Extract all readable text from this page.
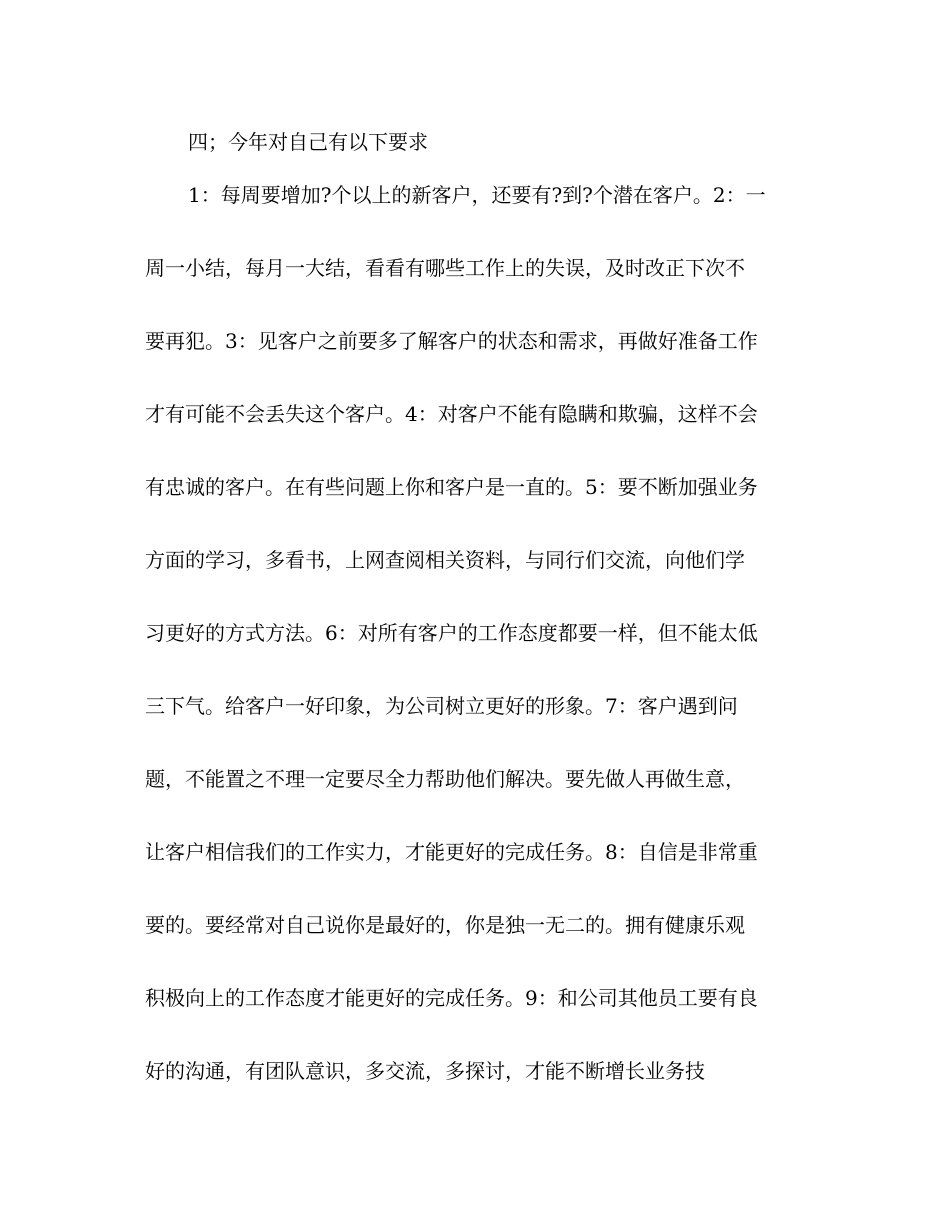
四；今年对自己有以下要求
1：每周要增加?个以上的新客户，还要有?到?个潜在客户。2：一
周一小结，每月一大结，看看有哪些工作上的失误，及时改正下次不
要再犯。3：见客户之前要多了解客户的状态和需求，再做好准备工作
才有可能不会丢失这个客户。4：对客户不能有隐瞒和欺骗，这样不会
有忠诚的客户。在有些问题上你和客户是一直的。5：要不断加强业务
方面的学习，多看书，上网查阅相关资料，与同行们交流，向他们学
习更好的方式方法。6：对所有客户的工作态度都要一样，但不能太低
三下气。给客户一好印象，为公司树立更好的形象。7：客户遇到问
题，不能置之不理一定要尽全力帮助他们解决。要先做人再做生意，
让客户相信我们的工作实力，才能更好的完成任务。8：自信是非常重
要的。要经常对自己说你是最好的，你是独一无二的。拥有健康乐观
积极向上的工作态度才能更好的完成任务。9：和公司其他员工要有良
好的沟通，有团队意识，多交流，多探讨，才能不断增长业务技
